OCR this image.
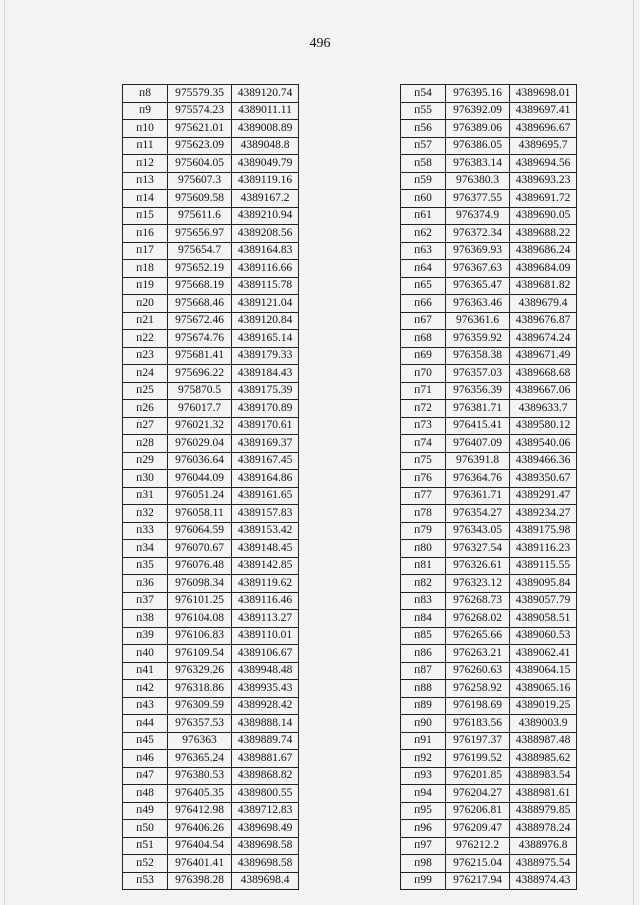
496
п8	975579.35	4389120.74
п9	975574.23	4389011.11
п10	975621.01	4389008.89
п11	975623.09	4389048.8
п12	975604.05	4389049.79
п13	975607.3	4389119.16
п14	975609.58	4389167.2
п15	975611.6	4389210.94
п16	975656.97	4389208.56
п17	975654.7	4389164.83
п18	975652.19	4389116.66
п19	975668.19	4389115.78
п20	975668.46	4389121.04
п21	975672.46	4389120.84
п22	975674.76	4389165.14
п23	975681.41	4389179.33
п24	975696.22	4389184.43
п25	975870.5	4389175.39
п26	976017.7	4389170.89
п27	976021.32	4389170.61
п28	976029.04	4389169.37
п29	976036.64	4389167.45
п30	976044.09	4389164.86
п31	976051.24	4389161.65
п32	976058.11	4389157.83
п33	976064.59	4389153.42
п34	976070.67	4389148.45
п35	976076.48	4389142.85
п36	976098.34	4389119.62
п37	976101.25	4389116.46
п38	976104.08	4389113.27
п39	976106.83	4389110.01
п40	976109.54	4389106.67
п41	976329.26	4389948.48
п42	976318.86	4389935.43
п43	976309.59	4389928.42
п44	976357.53	4389888.14
п45	976363	4389889.74
п46	976365.24	4389881.67
п47	976380.53	4389868.82
п48	976405.35	4389800.55
п49	976412.98	4389712.83
п50	976406.26	4389698.49
п51	976404.54	4389698.58
п52	976401.41	4389698.58
п53	976398.28	4389698.4
п54	976395.16	4389698.01
п55	976392.09	4389697.41
п56	976389.06	4389696.67
п57	976386.05	4389695.7
п58	976383.14	4389694.56
п59	976380.3	4389693.23
п60	976377.55	4389691.72
п61	976374.9	4389690.05
п62	976372.34	4389688.22
п63	976369.93	4389686.24
п64	976367.63	4389684.09
п65	976365.47	4389681.82
п66	976363.46	4389679.4
п67	976361.6	4389676.87
п68	976359.92	4389674.24
п69	976358.38	4389671.49
п70	976357.03	4389668.68
п71	976356.39	4389667.06
п72	976381.71	4389633.7
п73	976415.41	4389580.12
п74	976407.09	4389540.06
п75	976391.8	4389466.36
п76	976364.76	4389350.67
п77	976361.71	4389291.47
п78	976354.27	4389234.27
п79	976343.05	4389175.98
п80	976327.54	4389116.23
п81	976326.61	4389115.55
п82	976323.12	4389095.84
п83	976268.73	4389057.79
п84	976268.02	4389058.51
п85	976265.66	4389060.53
п86	976263.21	4389062.41
п87	976260.63	4389064.15
п88	976258.92	4389065.16
п89	976198.69	4389019.25
п90	976183.56	4389003.9
п91	976197.37	4388987.48
п92	976199.52	4388985.62
п93	976201.85	4388983.54
п94	976204.27	4388981.61
п95	976206.81	4388979.85
п96	976209.47	4388978.24
п97	976212.2	4388976.8
п98	976215.04	4388975.54
п99	976217.94	4388974.43
